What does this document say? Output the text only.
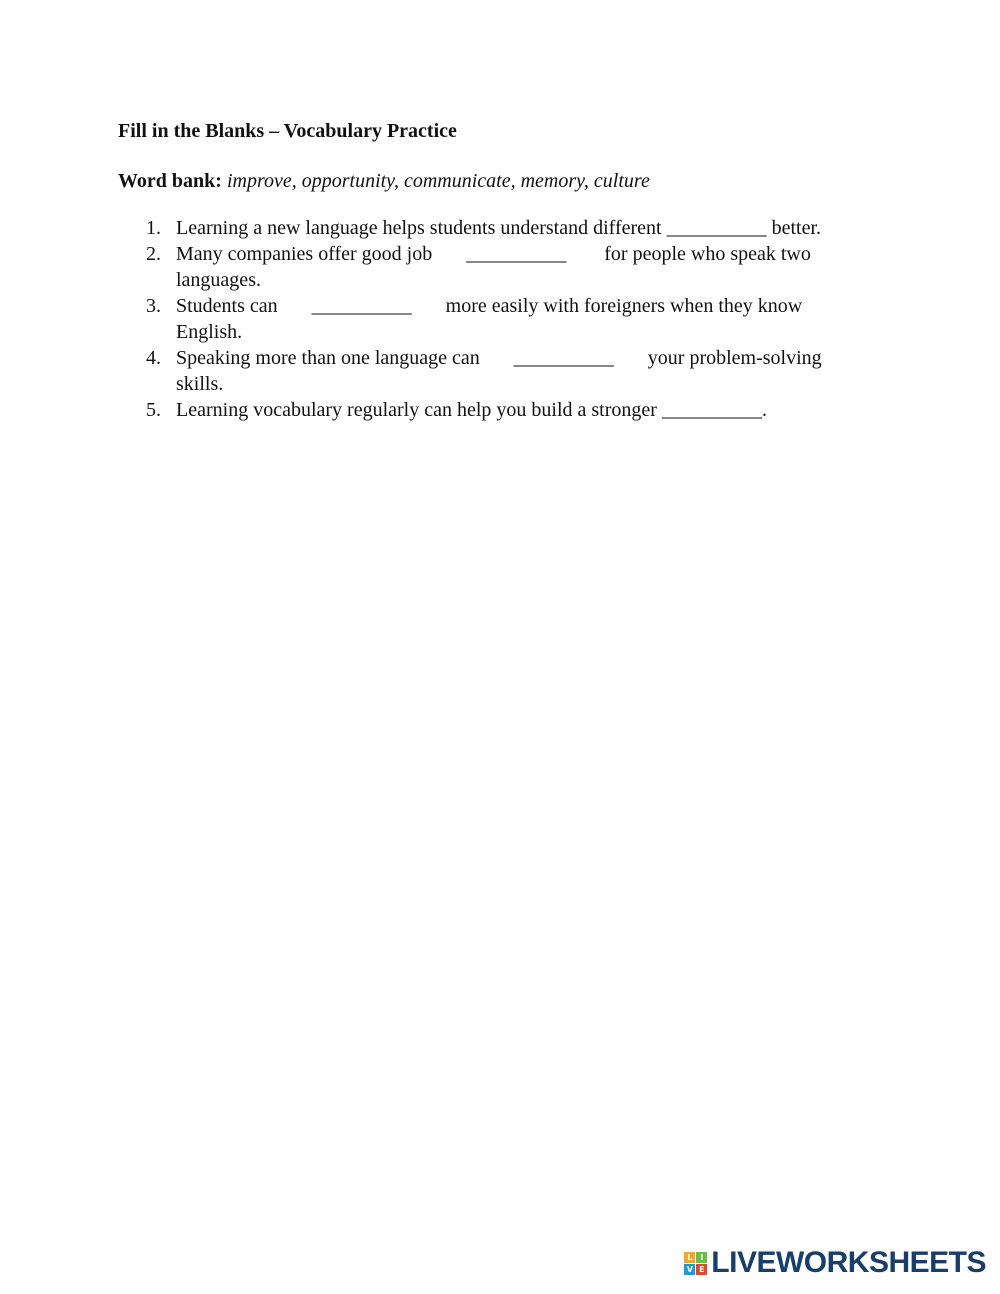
Fill in the Blanks – Vocabulary Practice
Word bank: improve, opportunity, communicate, memory, culture
1. Learning a new language helps students understand different __________ better.
2. Many companies offer good job __________ for people who speak two languages.
3. Students can __________ more easily with foreigners when they know English.
4. Speaking more than one language can __________ your problem-solving skills.
5. Learning vocabulary regularly can help you build a stronger __________.
L I
V E LIVEWORKSHEETS
